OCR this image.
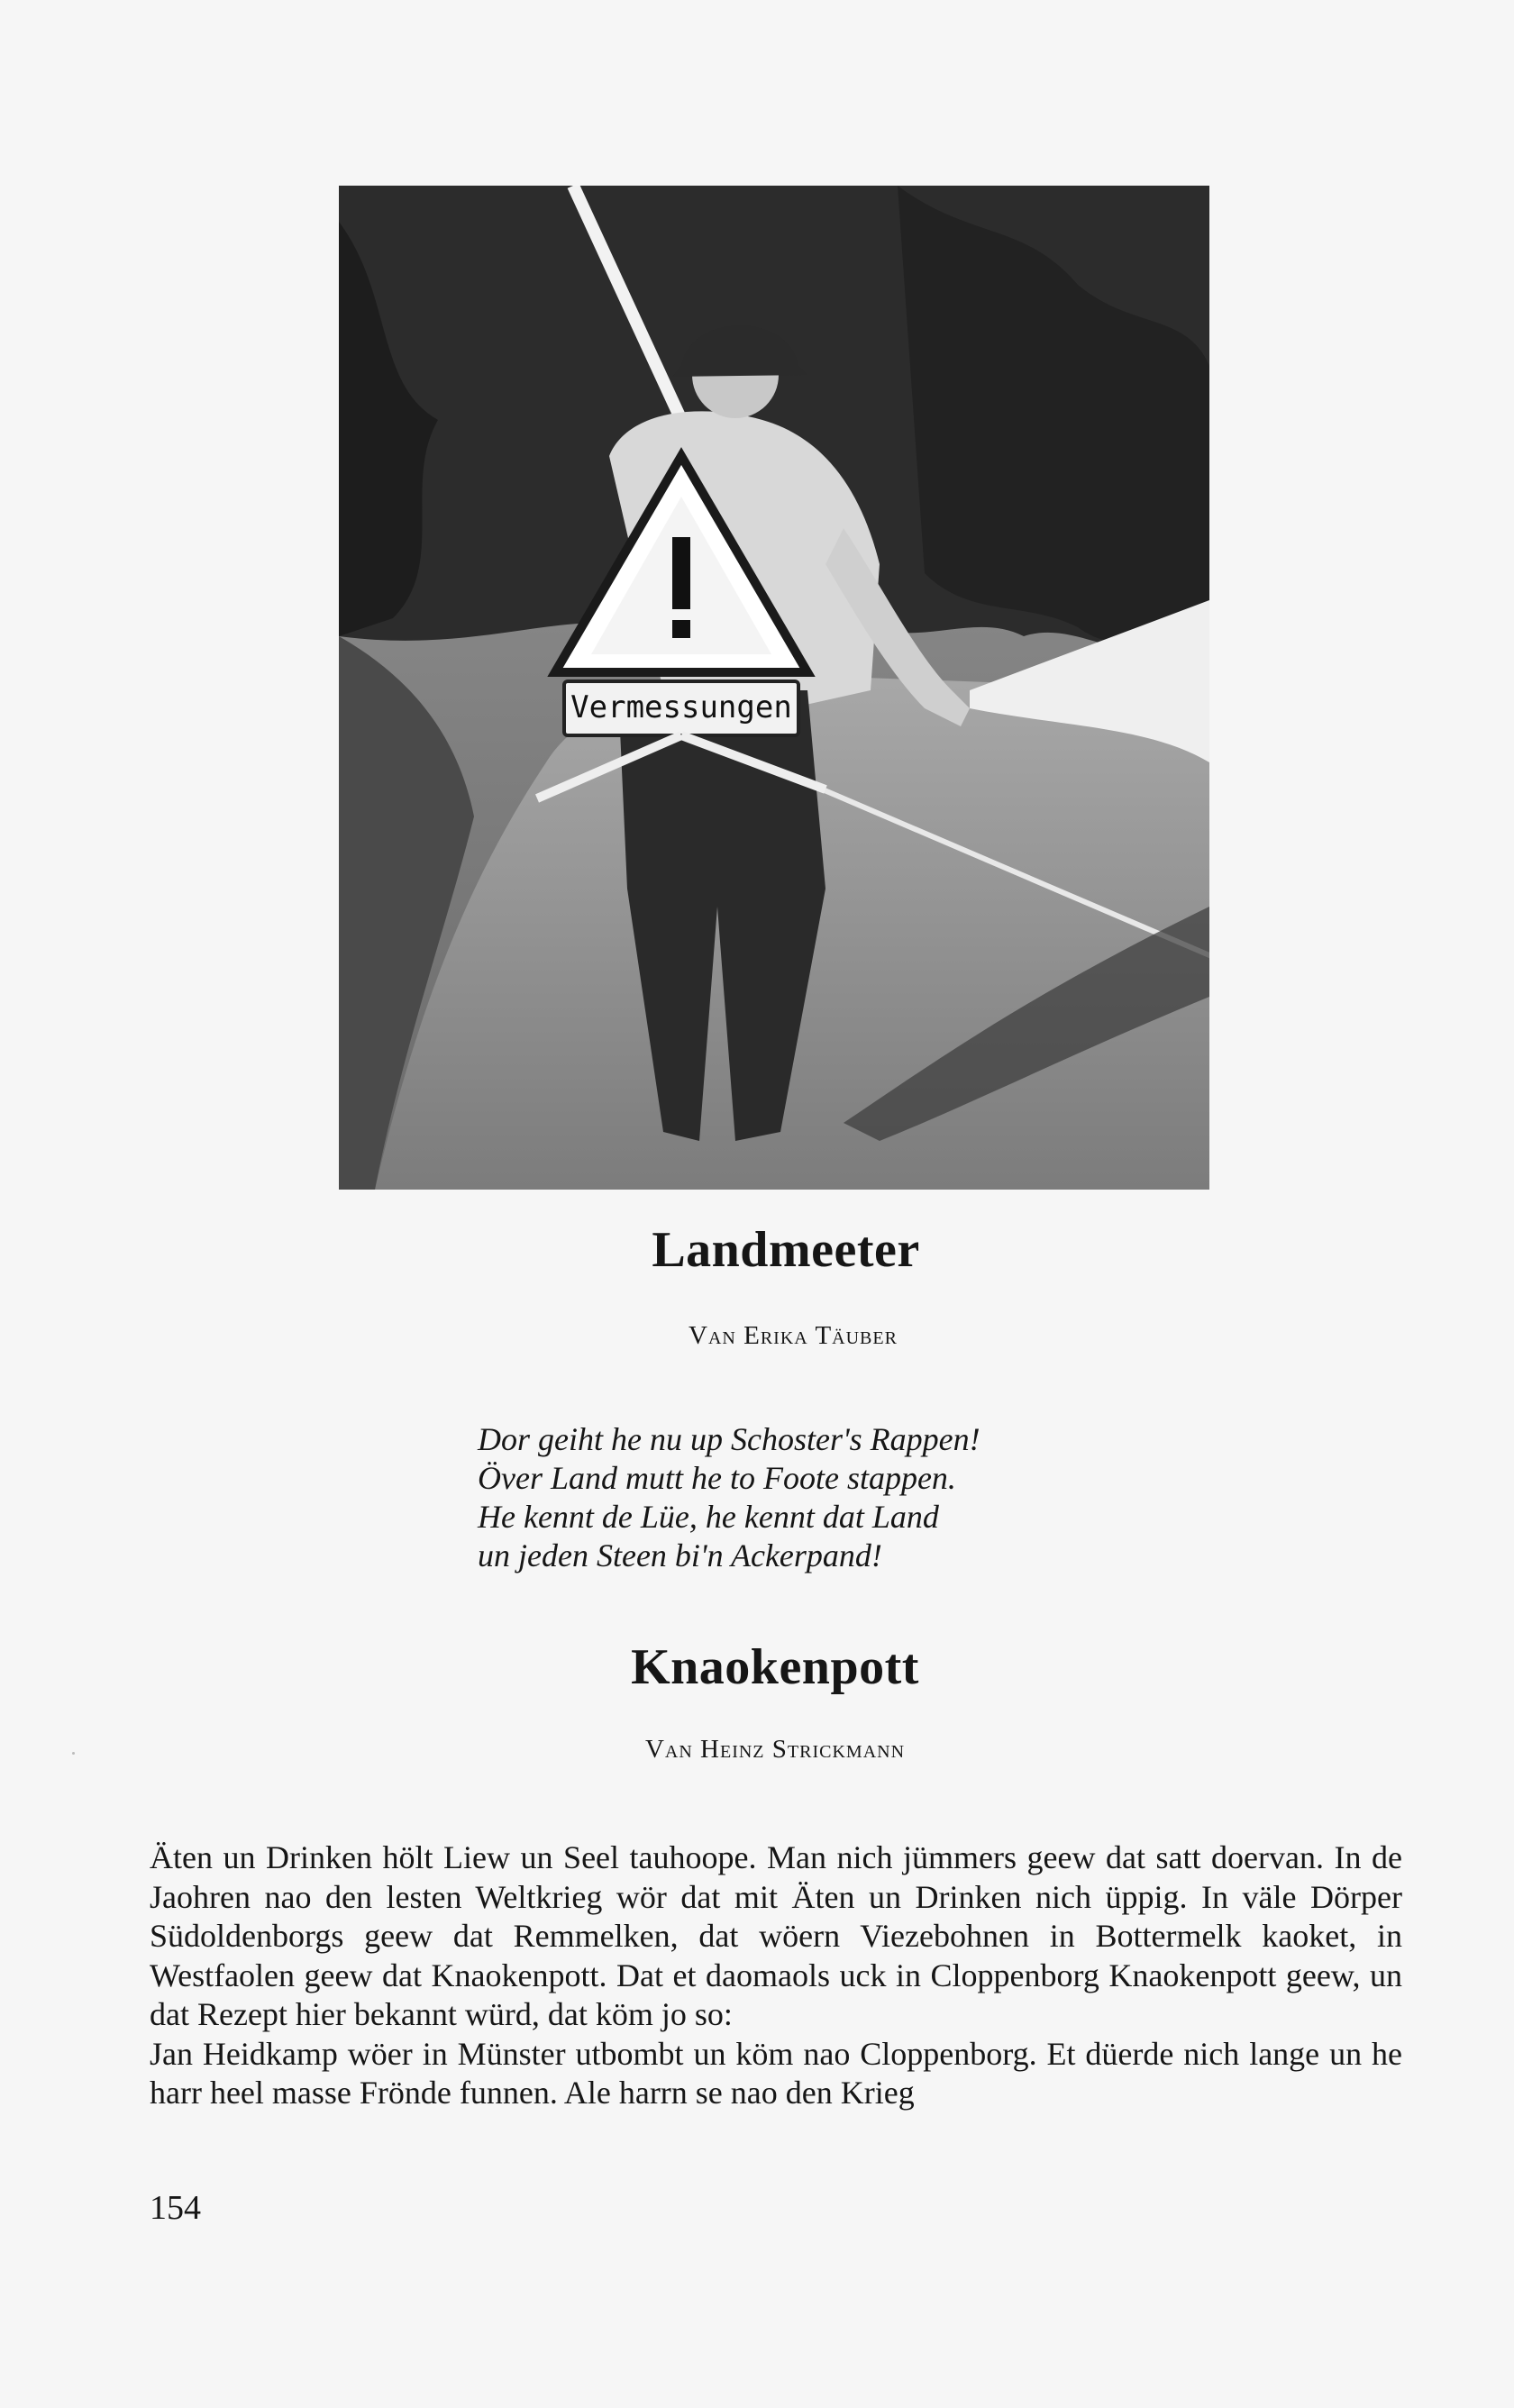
Vermessungen
Landmeeter
Van Erika Täuber
Dor geiht he nu up Schoster's Rappen!
Över Land mutt he to Foote stappen.
He kennt de Lüe, he kennt dat Land
un jeden Steen bi'n Ackerpand!
Knaokenpott
Van Heinz Strickmann

Äten un Drinken hölt Liew un Seel tauhoope. Man nich jümmers geew dat satt doervan. In de Jaohren nao den lesten Weltkrieg wör dat mit Äten un Drinken nich üppig. In väle Dörper Südoldenborgs geew dat Remmelken, dat wöern Viezebohnen in Bottermelk kaoket, in Westfaolen geew dat Knaokenpott. Dat et daomaols uck in Cloppenborg Knaokenpott geew, un dat Rezept hier bekannt würd, dat köm jo so:

Jan Heidkamp wöer in Münster utbombt un köm nao Cloppenborg. Et düerde nich lange un he harr heel masse Frönde funnen. Ale harrn se nao den Krieg

154
